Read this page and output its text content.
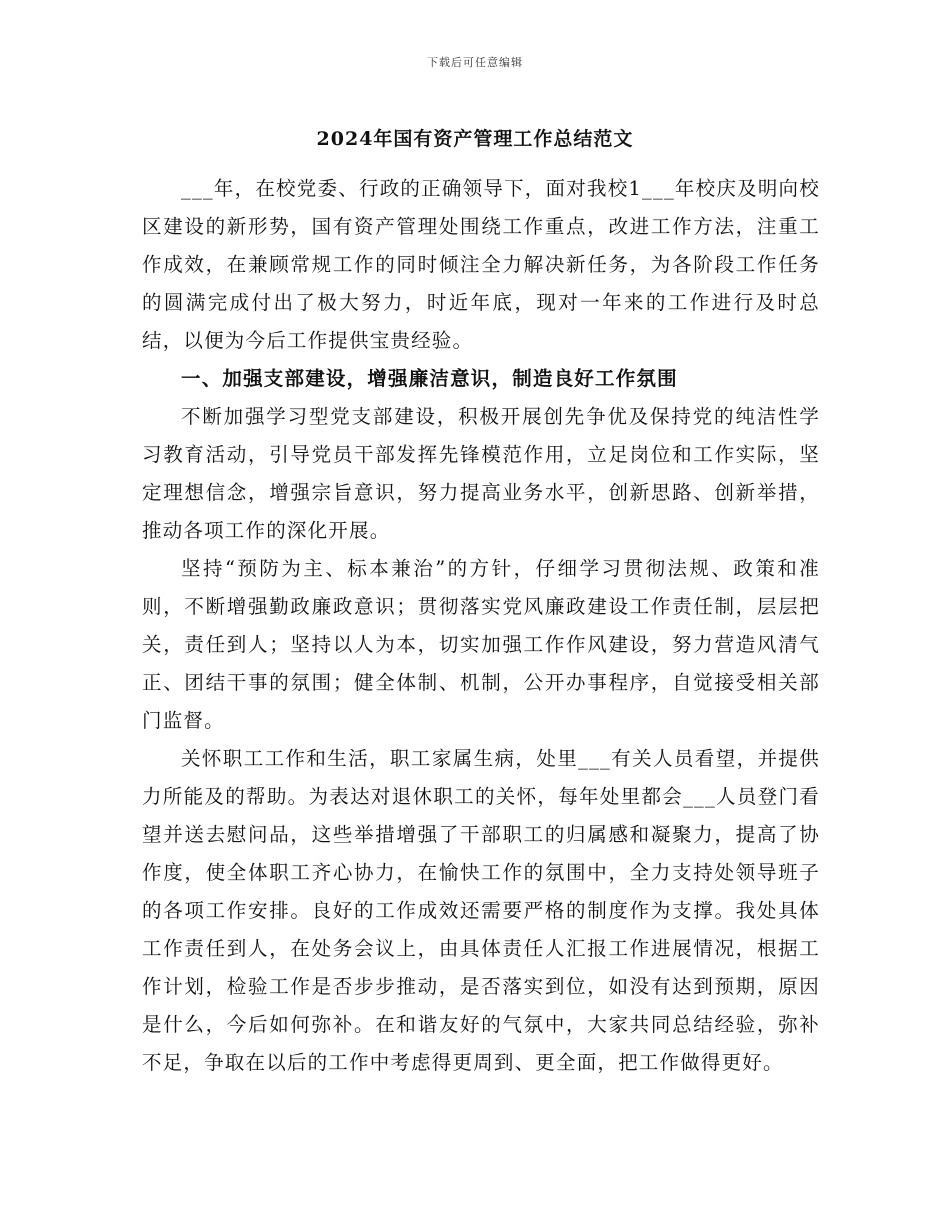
下载后可任意编辑
2024年国有资产管理工作总结范文

___年，在校党委、行政的正确领导下，面对我校1___年校庆及明向校区建设的新形势，国有资产管理处围绕工作重点，改进工作方法，注重工作成效，在兼顾常规工作的同时倾注全力解决新任务，为各阶段工作任务的圆满完成付出了极大努力，时近年底，现对一年来的工作进行及时总结，以便为今后工作提供宝贵经验。

一、加强支部建设，增强廉洁意识，制造良好工作氛围

不断加强学习型党支部建设，积极开展创先争优及保持党的纯洁性学习教育活动，引导党员干部发挥先锋模范作用，立足岗位和工作实际，坚定理想信念，增强宗旨意识，努力提高业务水平，创新思路、创新举措，推动各项工作的深化开展。

坚持“预防为主、标本兼治”的方针，仔细学习贯彻法规、政策和准则，不断增强勤政廉政意识；贯彻落实党风廉政建设工作责任制，层层把关，责任到人；坚持以人为本，切实加强工作作风建设，努力营造风清气正、团结干事的氛围；健全体制、机制，公开办事程序，自觉接受相关部门监督。

关怀职工工作和生活，职工家属生病，处里___有关人员看望，并提供力所能及的帮助。为表达对退休职工的关怀，每年处里都会___人员登门看望并送去慰问品，这些举措增强了干部职工的归属感和凝聚力，提高了协作度，使全体职工齐心协力，在愉快工作的氛围中，全力支持处领导班子的各项工作安排。良好的工作成效还需要严格的制度作为支撑。我处具体工作责任到人，在处务会议上，由具体责任人汇报工作进展情况，根据工作计划，检验工作是否步步推动，是否落实到位，如没有达到预期，原因是什么，今后如何弥补。在和谐友好的气氛中，大家共同总结经验，弥补不足，争取在以后的工作中考虑得更周到、更全面，把工作做得更好。
